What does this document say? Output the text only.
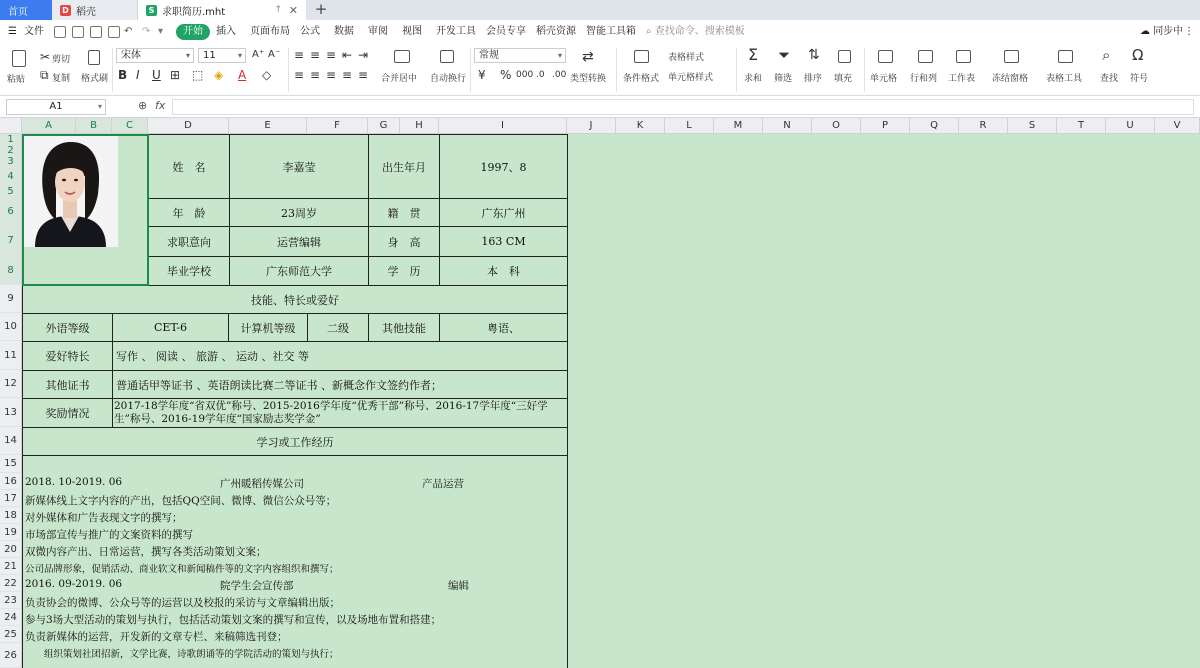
首页	D 稻壳	S 求职简历.mht	↑ ✕ +
☰ 文件	↶ ↷ ▾	开始	插入 页面布局 公式 数据 审阅 视图 开发工具 会员专享 稻壳资源 智能工具箱 ⌕ 查找命令、搜索模板	☁ 同步中 ⋮
粘贴
✂ 剪切
⧉ 复制 格式刷
宋体 ▾	11 ▾	A⁺ A⁻
B I U ⊞ ⬚ ◈ A ◇
≡ ≡ ≡ ⇤ ⇥
≡ ≡ ≡ ≡ ≡ 合并居中 自动换行
常规 ▾
¥ % 000 .0 .00
⇄
类型转换 条件格式
表格样式
单元格样式
Σ
求和
⏷
筛选
⇅
排序 填充 单元格 行和列 工作表 冻结窗格 表格工具
⌕
查找
Ω
符号
A1 ▾	⊕ fx
A	B	C	D	E	F	G	H	I	J	K	L	M	N	O	P	Q	R	S	T	U	V
1
2
3
4
5
6
7
8
9
10
11
12
13
14
15
16
17
18
19
20
21
22
23
24
25
26
姓　名	李嘉莹	出生年月	1997、8
年　龄	23周岁	籍　贯	广东广州
求职意向	运营编辑	身　高	163 CM
毕业学校	广东师范大学	学　历	本　科
技能、特长或爱好
外语等级	CET-6	计算机等级	二级	其他技能	粤语、
爱好特长	写作 、 阅读 、 旅游 、 运动 、社交 等
其他证书	普通话甲等证书 、英语朗读比赛二等证书 、新概念作文签约作者；
奖励情况
2017-18学年度“省双优”称号、2015-2016学年度“优秀干部”称号、2016-17学年度“三好学
生”称号、2016-19学年度“国家励志奖学金”
学习或工作经历
2018. 10-2019. 06	广州暖稻传媒公司	产品运营
新媒体线上文字内容的产出，包括QQ空间、微博、微信公众号等；
对外媒体和广告表现文字的撰写；
市场部宣传与推广的文案资料的撰写
双微内容产出、日常运营，撰写各类活动策划文案；
公司品牌形象，促销活动、商业软文和新闻稿件等的文字内容组织和撰写；
2016. 09-2019. 06	院学生会宣传部	编辑
负责协会的微博、公众号等的运营以及校报的采访与文章编辑出版；
参与3场大型活动的策划与执行，包括活动策划文案的撰写和宣传，以及场地布置和搭建；
负责新媒体的运营，开发新的文章专栏、来稿筛选刊登；
　　组织策划社团招新，文学比赛，诗歌朗诵等的学院活动的策划与执行；
